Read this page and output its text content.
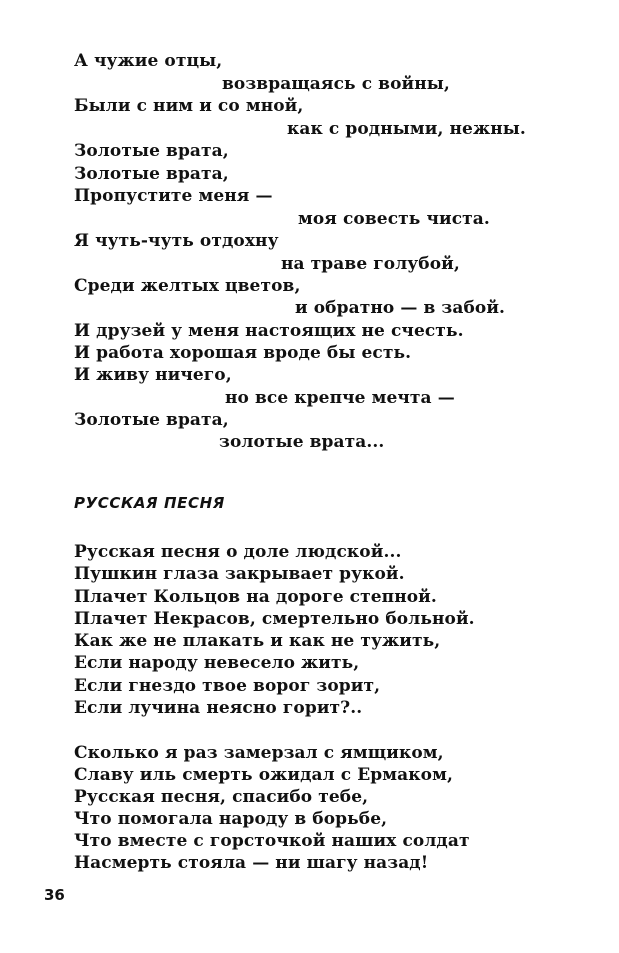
А чужие отцы,
возвращаясь с войны,
Были с ним и со мной,
как с родными, нежны.
Золотые врата,
Золотые врата,
Пропустите меня —
моя совесть чиста.
Я чуть-чуть отдохну
на траве голубой,
Среди желтых цветов,
и обратно — в забой.
И друзей у меня настоящих не счесть.
И работа хорошая вроде бы есть.
И живу ничего,
но все крепче мечта —
Золотые врата,
золотые врата...
РУССКАЯ ПЕСНЯ
Русская песня о доле людской...
Пушкин глаза закрывает рукой.
Плачет Кольцов на дороге степной.
Плачет Некрасов, смертельно больной.
Как же не плакать и как не тужить,
Если народу невесело жить,
Если гнездо твое ворог зорит,
Если лучина неясно горит?..
Сколько я раз замерзал с ямщиком,
Славу иль смерть ожидал с Ермаком,
Русская песня, спасибо тебе,
Что помогала народу в борьбе,
Что вместе с горсточкой наших солдат
Насмерть стояла — ни шагу назад!
36
